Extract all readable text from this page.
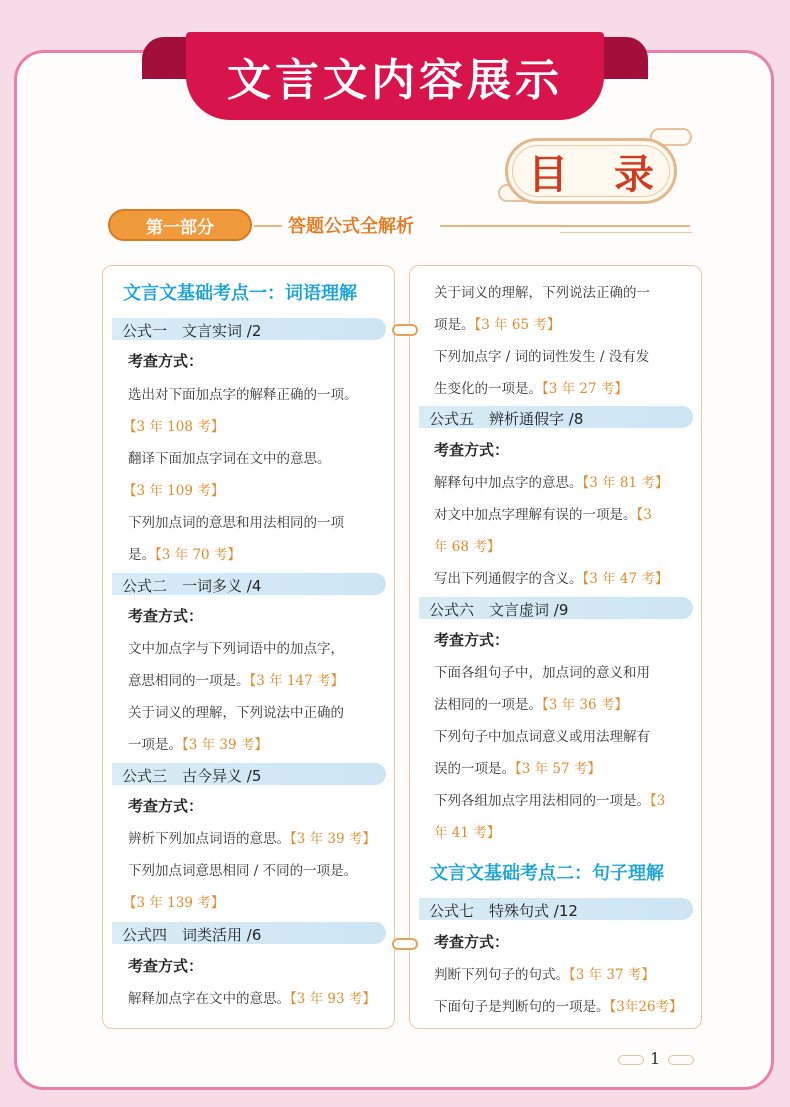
文言文内容展示
目 录
第一部分	答题公式全解析
文言文基础考点一：词语理解
公式一　文言实词 /2
考查方式：
选出对下面加点字的解释正确的一项。
【3 年 108 考】
翻译下面加点字词在文中的意思。
【3 年 109 考】
下列加点词的意思和用法相同的一项
是。【3 年 70 考】
公式二　一词多义 /4
考查方式：
文中加点字与下列词语中的加点字，
意思相同的一项是。【3 年 147 考】
关于词义的理解，下列说法中正确的
一项是。【3 年 39 考】
公式三　古今异义 /5
考查方式：
辨析下列加点词语的意思。【3 年 39 考】
下列加点词意思相同 / 不同的一项是。
【3 年 139 考】
公式四　词类活用 /6
考查方式：
解释加点字在文中的意思。【3 年 93 考】
关于词义的理解，下列说法正确的一
项是。【3 年 65 考】
下列加点字 / 词的词性发生 / 没有发
生变化的一项是。【3 年 27 考】
公式五　辨析通假字 /8
考查方式：
解释句中加点字的意思。【3 年 81 考】
对文中加点字理解有误的一项是。【3
年 68 考】
写出下列通假字的含义。【3 年 47 考】
公式六　文言虚词 /9
考查方式：
下面各组句子中，加点词的意义和用
法相同的一项是。【3 年 36 考】
下列句子中加点词意义或用法理解有
误的一项是。【3 年 57 考】
下列各组加点字用法相同的一项是。【3
年 41 考】
文言文基础考点二：句子理解
公式七　特殊句式 /12
考查方式：
判断下列句子的句式。【3 年 37 考】
下面句子是判断句的一项是。【3年26考】
1
